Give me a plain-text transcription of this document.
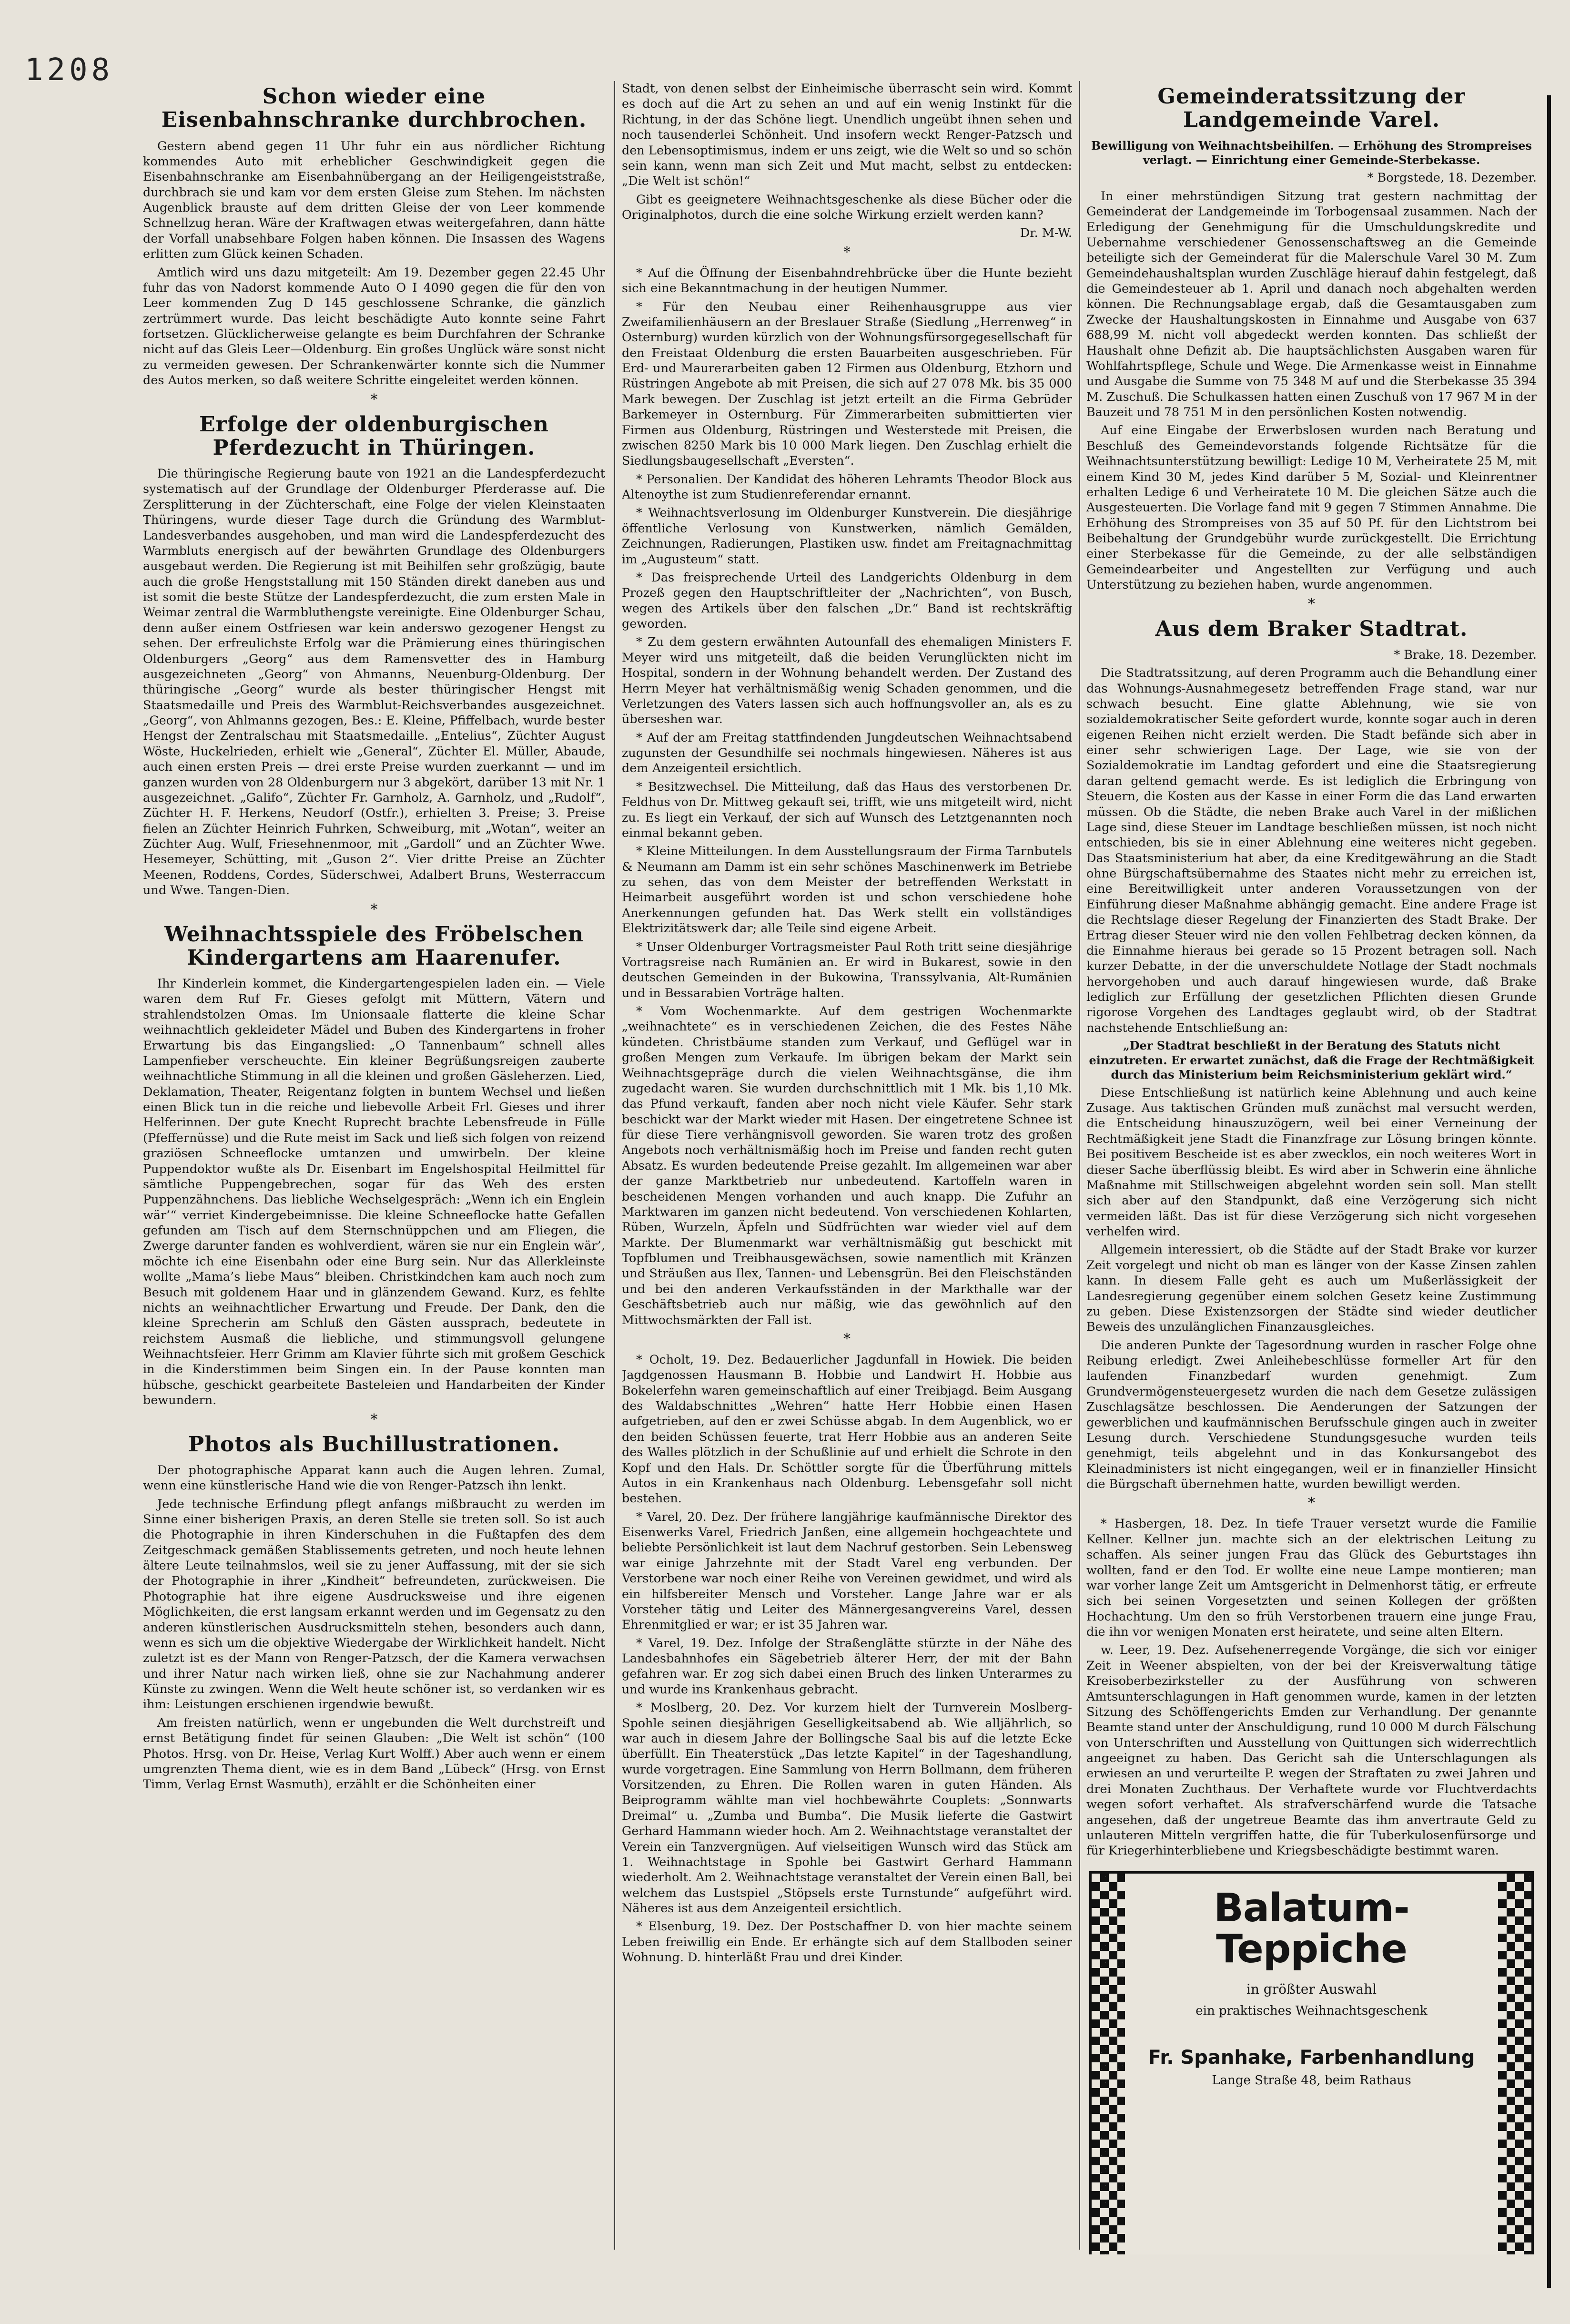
1208
Schon wieder eine Eisenbahnschranke durchbrochen.
Gestern abend gegen 11 Uhr fuhr ein aus nördlicher Richtung kommendes Auto mit erheblicher Geschwindigkeit gegen die Eisenbahnschranke am Eisenbahnübergang an der Heiligengeiststraße, durchbrach sie und kam vor dem ersten Gleise zum Stehen. Im nächsten Augenblick brauste auf dem dritten Gleise der von Leer kommende Schnellzug heran. Wäre der Kraftwagen etwas weitergefahren, dann hätte der Vorfall unabsehbare Folgen haben können. Die Insassen des Wagens erlitten zum Glück keinen Schaden.
Amtlich wird uns dazu mitgeteilt: Am 19. Dezember gegen 22.45 Uhr fuhr das von Nadorst kommende Auto O I 4090 gegen die für den von Leer kommenden Zug D 145 geschlossene Schranke, die gänzlich zertrümmert wurde. Das leicht beschädigte Auto konnte seine Fahrt fortsetzen. Glücklicherweise gelangte es beim Durchfahren der Schranke nicht auf das Gleis Leer—Oldenburg. Ein großes Unglück wäre sonst nicht zu vermeiden gewesen. Der Schrankenwärter konnte sich die Nummer des Autos merken, so daß weitere Schritte eingeleitet werden können.
*
Erfolge der oldenburgischen Pferdezucht in Thüringen.
Die thüringische Regierung baute von 1921 an die Landespferdezucht systematisch auf der Grundlage der Oldenburger Pferderasse auf. Die Zersplitterung in der Züchterschaft, eine Folge der vielen Kleinstaaten Thüringens, wurde dieser Tage durch die Gründung des Warmblut-Landesverbandes ausgehoben, und man wird die Landespferdezucht des Warmbluts energisch auf der bewährten Grundlage des Oldenburgers ausgebaut werden. Die Regierung ist mit Beihilfen sehr großzügig, baute auch die große Hengststallung mit 150 Ständen direkt daneben aus und ist somit die beste Stütze der Landespferdezucht, die zum ersten Male in Weimar zentral die Warmbluthengste vereinigte. Eine Oldenburger Schau, denn außer einem Ostfriesen war kein anderswo gezogener Hengst zu sehen. Der erfreulichste Erfolg war die Prämierung eines thüringischen Oldenburgers „Georg“ aus dem Ramensvetter des in Hamburg ausgezeichneten „Georg“ von Ahmanns, Neuenburg-Oldenburg. Der thüringische „Georg“ wurde als bester thüringischer Hengst mit Staatsmedaille und Preis des Warmblut-Reichsverbandes ausgezeichnet. „Georg“, von Ahlmanns gezogen, Bes.: E. Kleine, Pfiffelbach, wurde bester Hengst der Zentralschau mit Staatsmedaille. „Entelius“, Züchter August Wöste, Huckelrieden, erhielt wie „General“, Züchter El. Müller, Abaude, auch einen ersten Preis — drei erste Preise wurden zuerkannt — und im ganzen wurden von 28 Oldenburgern nur 3 abgekört, darüber 13 mit Nr. 1 ausgezeichnet. „Galifo“, Züchter Fr. Garnholz, A. Garnholz, und „Rudolf“, Züchter H. F. Herkens, Neudorf (Ostfr.), erhielten 3. Preise; 3. Preise fielen an Züchter Heinrich Fuhrken, Schweiburg, mit „Wotan“, weiter an Züchter Aug. Wulf, Friesehnenmoor, mit „Gardoll“ und an Züchter Wwe. Hesemeyer, Schütting, mit „Guson 2“. Vier dritte Preise an Züchter Meenen, Roddens, Cordes, Süderschwei, Adalbert Bruns, Westerraccum und Wwe. Tangen-Dien.
*
Weihnachtsspiele des Fröbelschen Kindergartens am Haarenufer.
Ihr Kinderlein kommet, die Kindergartengespielen laden ein. — Viele waren dem Ruf Fr. Gieses gefolgt mit Müttern, Vätern und strahlendstolzen Omas. Im Unionsaale flatterte die kleine Schar weihnachtlich gekleideter Mädel und Buben des Kindergartens in froher Erwartung bis das Eingangslied: „O Tannenbaum“ schnell alles Lampenfieber verscheuchte. Ein kleiner Begrüßungsreigen zauberte weihnachtliche Stimmung in all die kleinen und großen Gäsleherzen. Lied, Deklamation, Theater, Reigentanz folgten in buntem Wechsel und ließen einen Blick tun in die reiche und liebevolle Arbeit Frl. Gieses und ihrer Helferinnen. Der gute Knecht Ruprecht brachte Lebensfreude in Fülle (Pfeffernüsse) und die Rute meist im Sack und ließ sich folgen von reizend graziösen Schneeflocke umtanzen und umwirbeln. Der kleine Puppendoktor wußte als Dr. Eisenbart im Engelshospital Heilmittel für sämtliche Puppengebrechen, sogar für das Weh des ersten Puppenzähnchens. Das liebliche Wechselgespräch: „Wenn ich ein Englein wär’“ verriet Kindergebeimnisse. Die kleine Schneeflocke hatte Gefallen gefunden am Tisch auf dem Sternschnüppchen und am Fliegen, die Zwerge darunter fanden es wohlverdient, wären sie nur ein Englein wär’, möchte ich eine Eisenbahn oder eine Burg sein. Nur das Allerkleinste wollte „Mama’s liebe Maus“ bleiben. Christkindchen kam auch noch zum Besuch mit goldenem Haar und in glänzendem Gewand. Kurz, es fehlte nichts an weihnachtlicher Erwartung und Freude. Der Dank, den die kleine Sprecherin am Schluß den Gästen aussprach, bedeutete in reichstem Ausmaß die liebliche, und stimmungsvoll gelungene Weihnachtsfeier. Herr Grimm am Klavier führte sich mit großem Geschick in die Kinderstimmen beim Singen ein. In der Pause konnten man hübsche, geschickt gearbeitete Basteleien und Handarbeiten der Kinder bewundern.
*
Photos als Buchillustrationen.
Der photographische Apparat kann auch die Augen lehren. Zumal, wenn eine künstlerische Hand wie die von Renger-Patzsch ihn lenkt.
Jede technische Erfindung pflegt anfangs mißbraucht zu werden im Sinne einer bisherigen Praxis, an deren Stelle sie treten soll. So ist auch die Photographie in ihren Kinderschuhen in die Fußtapfen des dem Zeitgeschmack gemäßen Stablissements getreten, und noch heute lehnen ältere Leute teilnahmslos, weil sie zu jener Auffassung, mit der sie sich der Photographie in ihrer „Kindheit“ befreundeten, zurückweisen. Die Photographie hat ihre eigene Ausdrucksweise und ihre eigenen Möglichkeiten, die erst langsam erkannt werden und im Gegensatz zu den anderen künstlerischen Ausdrucksmitteln stehen, besonders auch dann, wenn es sich um die objektive Wiedergabe der Wirklichkeit handelt. Nicht zuletzt ist es der Mann von Renger-Patzsch, der die Kamera verwachsen und ihrer Natur nach wirken ließ, ohne sie zur Nachahmung anderer Künste zu zwingen. Wenn die Welt heute schöner ist, so verdanken wir es ihm: Leistungen erschienen irgendwie bewußt.
Am freisten natürlich, wenn er ungebunden die Welt durchstreift und ernst Betätigung findet für seinen Glauben: „Die Welt ist schön“ (100 Photos. Hrsg. von Dr. Heise, Verlag Kurt Wolff.) Aber auch wenn er einem umgrenzten Thema dient, wie es in dem Band „Lübeck“ (Hrsg. von Ernst Timm, Verlag Ernst Wasmuth), erzählt er die Schönheiten einer
Stadt, von denen selbst der Einheimische überrascht sein wird. Kommt es doch auf die Art zu sehen an und auf ein wenig Instinkt für die Richtung, in der das Schöne liegt. Unendlich ungeübt ihnen sehen und noch tausenderlei Schönheit. Und insofern weckt Renger-Patzsch und den Lebensoptimismus, indem er uns zeigt, wie die Welt so und so schön sein kann, wenn man sich Zeit und Mut macht, selbst zu entdecken: „Die Welt ist schön!“
Gibt es geeignetere Weihnachtsgeschenke als diese Bücher oder die Originalphotos, durch die eine solche Wirkung erzielt werden kann?
Dr. M-W.
*
* Auf die Öffnung der Eisenbahndrehbrücke über die Hunte bezieht sich eine Bekanntmachung in der heutigen Nummer.
* Für den Neubau einer Reihenhausgruppe aus vier Zweifamilienhäusern an der Breslauer Straße (Siedlung „Herrenweg“ in Osternburg) wurden kürzlich von der Wohnungsfürsorgegesellschaft für den Freistaat Oldenburg die ersten Bauarbeiten ausgeschrieben. Für Erd- und Maurerarbeiten gaben 12 Firmen aus Oldenburg, Etzhorn und Rüstringen Angebote ab mit Preisen, die sich auf 27 078 Mk. bis 35 000 Mark bewegen. Der Zuschlag ist jetzt erteilt an die Firma Gebrüder Barkemeyer in Osternburg. Für Zimmerarbeiten submittierten vier Firmen aus Oldenburg, Rüstringen und Westerstede mit Preisen, die zwischen 8250 Mark bis 10 000 Mark liegen. Den Zuschlag erhielt die Siedlungsbaugesellschaft „Eversten“.
* Personalien. Der Kandidat des höheren Lehramts Theodor Block aus Altenoythe ist zum Studienreferendar ernannt.
* Weihnachtsverlosung im Oldenburger Kunstverein. Die diesjährige öffentliche Verlosung von Kunstwerken, nämlich Gemälden, Zeichnungen, Radierungen, Plastiken usw. findet am Freitagnachmittag im „Augusteum“ statt.
* Das freisprechende Urteil des Landgerichts Oldenburg in dem Prozeß gegen den Hauptschriftleiter der „Nachrichten“, von Busch, wegen des Artikels über den falschen „Dr.“ Band ist rechtskräftig geworden.
* Zu dem gestern erwähnten Autounfall des ehemaligen Ministers F. Meyer wird uns mitgeteilt, daß die beiden Verunglückten nicht im Hospital, sondern in der Wohnung behandelt werden. Der Zustand des Herrn Meyer hat verhältnismäßig wenig Schaden genommen, und die Verletzungen des Vaters lassen sich auch hoffnungsvoller an, als es zu überseshen war.
* Auf der am Freitag stattfindenden Jungdeutschen Weihnachtsabend zugunsten der Gesundhilfe sei nochmals hingewiesen. Näheres ist aus dem Anzeigenteil ersichtlich.
* Besitzwechsel. Die Mitteilung, daß das Haus des verstorbenen Dr. Feldhus von Dr. Mittweg gekauft sei, trifft, wie uns mitgeteilt wird, nicht zu. Es liegt ein Verkauf, der sich auf Wunsch des Letztgenannten noch einmal bekannt geben.
* Kleine Mitteilungen. In dem Ausstellungsraum der Firma Tarnbutels & Neumann am Damm ist ein sehr schönes Maschinenwerk im Betriebe zu sehen, das von dem Meister der betreffenden Werkstatt in Heimarbeit ausgeführt worden ist und schon verschiedene hohe Anerkennungen gefunden hat. Das Werk stellt ein vollständiges Elektrizitätswerk dar; alle Teile sind eigene Arbeit.
* Unser Oldenburger Vortragsmeister Paul Roth tritt seine diesjährige Vortragsreise nach Rumänien an. Er wird in Bukarest, sowie in den deutschen Gemeinden in der Bukowina, Transsylvania, Alt-Rumänien und in Bessarabien Vorträge halten.
* Vom Wochenmarkte. Auf dem gestrigen Wochenmarkte „weihnachtete“ es in verschiedenen Zeichen, die des Festes Nähe kündeten. Christbäume standen zum Verkauf, und Geflügel war in großen Mengen zum Verkaufe. Im übrigen bekam der Markt sein Weihnachtsgepräge durch die vielen Weihnachtsgänse, die ihm zugedacht waren. Sie wurden durchschnittlich mit 1 Mk. bis 1,10 Mk. das Pfund verkauft, fanden aber noch nicht viele Käufer. Sehr stark beschickt war der Markt wieder mit Hasen. Der eingetretene Schnee ist für diese Tiere verhängnisvoll geworden. Sie waren trotz des großen Angebots noch verhältnismäßig hoch im Preise und fanden recht guten Absatz. Es wurden bedeutende Preise gezahlt. Im allgemeinen war aber der ganze Marktbetrieb nur unbedeutend. Kartoffeln waren in bescheidenen Mengen vorhanden und auch knapp. Die Zufuhr an Marktwaren im ganzen nicht bedeutend. Von verschiedenen Kohlarten, Rüben, Wurzeln, Äpfeln und Südfrüchten war wieder viel auf dem Markte. Der Blumenmarkt war verhältnismäßig gut beschickt mit Topfblumen und Treibhausgewächsen, sowie namentlich mit Kränzen und Sträußen aus Ilex, Tannen- und Lebensgrün. Bei den Fleischständen und bei den anderen Verkaufsständen in der Markthalle war der Geschäftsbetrieb auch nur mäßig, wie das gewöhnlich auf den Mittwochsmärkten der Fall ist.
*
* Ocholt, 19. Dez. Bedauerlicher Jagdunfall in Howiek. Die beiden Jagdgenossen Hausmann B. Hobbie und Landwirt H. Hobbie aus Bokelerfehn waren gemeinschaftlich auf einer Treibjagd. Beim Ausgang des Waldabschnittes „Wehren“ hatte Herr Hobbie einen Hasen aufgetrieben, auf den er zwei Schüsse abgab. In dem Augenblick, wo er den beiden Schüssen feuerte, trat Herr Hobbie aus an anderen Seite des Walles plötzlich in der Schußlinie auf und erhielt die Schrote in den Kopf und den Hals. Dr. Schöttler sorgte für die Überführung mittels Autos in ein Krankenhaus nach Oldenburg. Lebensgefahr soll nicht bestehen.
* Varel, 20. Dez. Der frühere langjährige kaufmännische Direktor des Eisenwerks Varel, Friedrich Janßen, eine allgemein hochgeachtete und beliebte Persönlichkeit ist laut dem Nachruf gestorben. Sein Lebensweg war einige Jahrzehnte mit der Stadt Varel eng verbunden. Der Verstorbene war noch einer Reihe von Vereinen gewidmet, und wird als ein hilfsbereiter Mensch und Vorsteher. Lange Jahre war er als Vorsteher tätig und Leiter des Männergesangvereins Varel, dessen Ehrenmitglied er war; er ist 35 Jahren war.
* Varel, 19. Dez. Infolge der Straßenglätte stürzte in der Nähe des Landesbahnhofes ein Sägebetrieb älterer Herr, der mit der Bahn gefahren war. Er zog sich dabei einen Bruch des linken Unterarmes zu und wurde ins Krankenhaus gebracht.
* Moslberg, 20. Dez. Vor kurzem hielt der Turnverein Moslberg-Spohle seinen diesjährigen Geselligkeitsabend ab. Wie alljährlich, so war auch in diesem Jahre der Bollingsche Saal bis auf die letzte Ecke überfüllt. Ein Theaterstück „Das letzte Kapitel“ in der Tageshandlung, wurde vorgetragen. Eine Sammlung von Herrn Bollmann, dem früheren Vorsitzenden, zu Ehren. Die Rollen waren in guten Händen. Als Beiprogramm wählte man viel hochbewährte Couplets: „Sonnwarts Dreimal“ u. „Zumba und Bumba“. Die Musik lieferte die Gastwirt Gerhard Hammann wieder hoch. Am 2. Weihnachtstage veranstaltet der Verein ein Tanzvergnügen. Auf vielseitigen Wunsch wird das Stück am 1. Weihnachtstage in Spohle bei Gastwirt Gerhard Hammann wiederholt. Am 2. Weihnachtstage veranstaltet der Verein einen Ball, bei welchem das Lustspiel „Stöpsels erste Turnstunde“ aufgeführt wird. Näheres ist aus dem Anzeigenteil ersichtlich.
* Elsenburg, 19. Dez. Der Postschaffner D. von hier machte seinem Leben freiwillig ein Ende. Er erhängte sich auf dem Stallboden seiner Wohnung. D. hinterläßt Frau und drei Kinder.
Gemeinderatssitzung der Landgemeinde Varel.
Bewilligung von Weihnachtsbeihilfen. — Erhöhung des Strompreises verlagt. — Einrichtung einer Gemeinde-Sterbekasse.
* Borgstede, 18. Dezember.
In einer mehrstündigen Sitzung trat gestern nachmittag der Gemeinderat der Landgemeinde im Torbogensaal zusammen. Nach der Erledigung der Genehmigung für die Umschuldungskredite und Uebernahme verschiedener Genossenschaftsweg an die Gemeinde beteiligte sich der Gemeinderat für die Malerschule Varel 30 M. Zum Gemeindehaushaltsplan wurden Zuschläge hierauf dahin festgelegt, daß die Gemeindesteuer ab 1. April und danach noch abgehalten werden können. Die Rechnungsablage ergab, daß die Gesamtausgaben zum Zwecke der Haushaltungskosten in Einnahme und Ausgabe von 637 688,99 M. nicht voll abgedeckt werden konnten. Das schließt der Haushalt ohne Defizit ab. Die hauptsächlichsten Ausgaben waren für Wohlfahrtspflege, Schule und Wege. Die Armenkasse weist in Einnahme und Ausgabe die Summe von 75 348 M auf und die Sterbekasse 35 394 M. Zuschuß. Die Schulkassen hatten einen Zuschuß von 17 967 M in der Bauzeit und 78 751 M in den persönlichen Kosten notwendig.
Auf eine Eingabe der Erwerbslosen wurden nach Beratung und Beschluß des Gemeindevorstands folgende Richtsätze für die Weihnachtsunterstützung bewilligt: Ledige 10 M, Verheiratete 25 M, mit einem Kind 30 M, jedes Kind darüber 5 M, Sozial- und Kleinrentner erhalten Ledige 6 und Verheiratete 10 M. Die gleichen Sätze auch die Ausgesteuerten. Die Vorlage fand mit 9 gegen 7 Stimmen Annahme. Die Erhöhung des Strompreises von 35 auf 50 Pf. für den Lichtstrom bei Beibehaltung der Grundgebühr wurde zurückgestellt. Die Errichtung einer Sterbekasse für die Gemeinde, zu der alle selbständigen Gemeindearbeiter und Angestellten zur Verfügung und auch Unterstützung zu beziehen haben, wurde angenommen.
*
Aus dem Braker Stadtrat.
* Brake, 18. Dezember.
Die Stadtratssitzung, auf deren Programm auch die Behandlung einer das Wohnungs-Ausnahmegesetz betreffenden Frage stand, war nur schwach besucht. Eine glatte Ablehnung, wie sie von sozialdemokratischer Seite gefordert wurde, konnte sogar auch in deren eigenen Reihen nicht erzielt werden. Die Stadt befände sich aber in einer sehr schwierigen Lage. Der Lage, wie sie von der Sozialdemokratie im Landtag gefordert und eine die Staatsregierung daran geltend gemacht werde. Es ist lediglich die Erbringung von Steuern, die Kosten aus der Kasse in einer Form die das Land erwarten müssen. Ob die Städte, die neben Brake auch Varel in der mißlichen Lage sind, diese Steuer im Landtage beschließen müssen, ist noch nicht entschieden, bis sie in einer Ablehnung eine weiteres nicht gegeben. Das Staatsministerium hat aber, da eine Kreditgewährung an die Stadt ohne Bürgschaftsübernahme des Staates nicht mehr zu erreichen ist, eine Bereitwilligkeit unter anderen Voraussetzungen von der Einführung dieser Maßnahme abhängig gemacht. Eine andere Frage ist die Rechtslage dieser Regelung der Finanzierten des Stadt Brake. Der Ertrag dieser Steuer wird nie den vollen Fehlbetrag decken können, da die Einnahme hieraus bei gerade so 15 Prozent betragen soll. Nach kurzer Debatte, in der die unverschuldete Notlage der Stadt nochmals hervorgehoben und auch darauf hingewiesen wurde, daß Brake lediglich zur Erfüllung der gesetzlichen Pflichten diesen Grunde rigorose Vorgehen des Landtages geglaubt wird, ob der Stadtrat nachstehende Entschließung an:
„Der Stadtrat beschließt in der Beratung des Statuts nicht einzutreten. Er erwartet zunächst, daß die Frage der Rechtmäßigkeit durch das Ministerium beim Reichsministerium geklärt wird.“
Diese Entschließung ist natürlich keine Ablehnung und auch keine Zusage. Aus taktischen Gründen muß zunächst mal versucht werden, die Entscheidung hinauszuzögern, weil bei einer Verneinung der Rechtmäßigkeit jene Stadt die Finanzfrage zur Lösung bringen könnte. Bei positivem Bescheide ist es aber zwecklos, ein noch weiteres Wort in dieser Sache überflüssig bleibt. Es wird aber in Schwerin eine ähnliche Maßnahme mit Stillschweigen abgelehnt worden sein soll. Man stellt sich aber auf den Standpunkt, daß eine Verzögerung sich nicht vermeiden läßt. Das ist für diese Verzögerung sich nicht vorgesehen verhelfen wird.
Allgemein interessiert, ob die Städte auf der Stadt Brake vor kurzer Zeit vorgelegt und nicht ob man es länger von der Kasse Zinsen zahlen kann. In diesem Falle geht es auch um Mußerlässigkeit der Landesregierung gegenüber einem solchen Gesetz keine Zustimmung zu geben. Diese Existenzsorgen der Städte sind wieder deutlicher Beweis des unzulänglichen Finanzausgleiches.
Die anderen Punkte der Tagesordnung wurden in rascher Folge ohne Reibung erledigt. Zwei Anleihebeschlüsse formeller Art für den laufenden Finanzbedarf wurden genehmigt. Zum Grundvermögensteuergesetz wurden die nach dem Gesetze zulässigen Zuschlagsätze beschlossen. Die Aenderungen der Satzungen der gewerblichen und kaufmännischen Berufsschule gingen auch in zweiter Lesung durch. Verschiedene Stundungsgesuche wurden teils genehmigt, teils abgelehnt und in das Konkursangebot des Kleinadministers ist nicht eingegangen, weil er in finanzieller Hinsicht die Bürgschaft übernehmen hatte, wurden bewilligt werden.
*
* Hasbergen, 18. Dez. In tiefe Trauer versetzt wurde die Familie Kellner. Kellner jun. machte sich an der elektrischen Leitung zu schaffen. Als seiner jungen Frau das Glück des Geburtstages ihn wollten, fand er den Tod. Er wollte eine neue Lampe montieren; man war vorher lange Zeit um Amtsgericht in Delmenhorst tätig, er erfreute sich bei seinen Vorgesetzten und seinen Kollegen der größten Hochachtung. Um den so früh Verstorbenen trauern eine junge Frau, die ihn vor wenigen Monaten erst heiratete, und seine alten Eltern.
w. Leer, 19. Dez. Aufsehenerregende Vorgänge, die sich vor einiger Zeit in Weener abspielten, von der bei der Kreisverwaltung tätige Kreisoberbezirksteller zu der Ausführung von schweren Amtsunterschlagungen in Haft genommen wurde, kamen in der letzten Sitzung des Schöffengerichts Emden zur Verhandlung. Der genannte Beamte stand unter der Anschuldigung, rund 10 000 M durch Fälschung von Unterschriften und Ausstellung von Quittungen sich widerrechtlich angeeignet zu haben. Das Gericht sah die Unterschlagungen als erwiesen an und verurteilte P. wegen der Straftaten zu zwei Jahren und drei Monaten Zuchthaus. Der Verhaftete wurde vor Fluchtverdachts wegen sofort verhaftet. Als strafverschärfend wurde die Tatsache angesehen, daß der ungetreue Beamte das ihm anvertraute Geld zu unlauteren Mitteln vergriffen hatte, die für Tuberkulosenfürsorge und für Kriegerhinterbliebene und Kriegsbeschädigte bestimmt waren.
Balatum-Teppiche
in größter Auswahl
ein praktisches Weihnachtsgeschenk
Fr. Spanhake, Farbenhandlung
Lange Straße 48, beim Rathaus
